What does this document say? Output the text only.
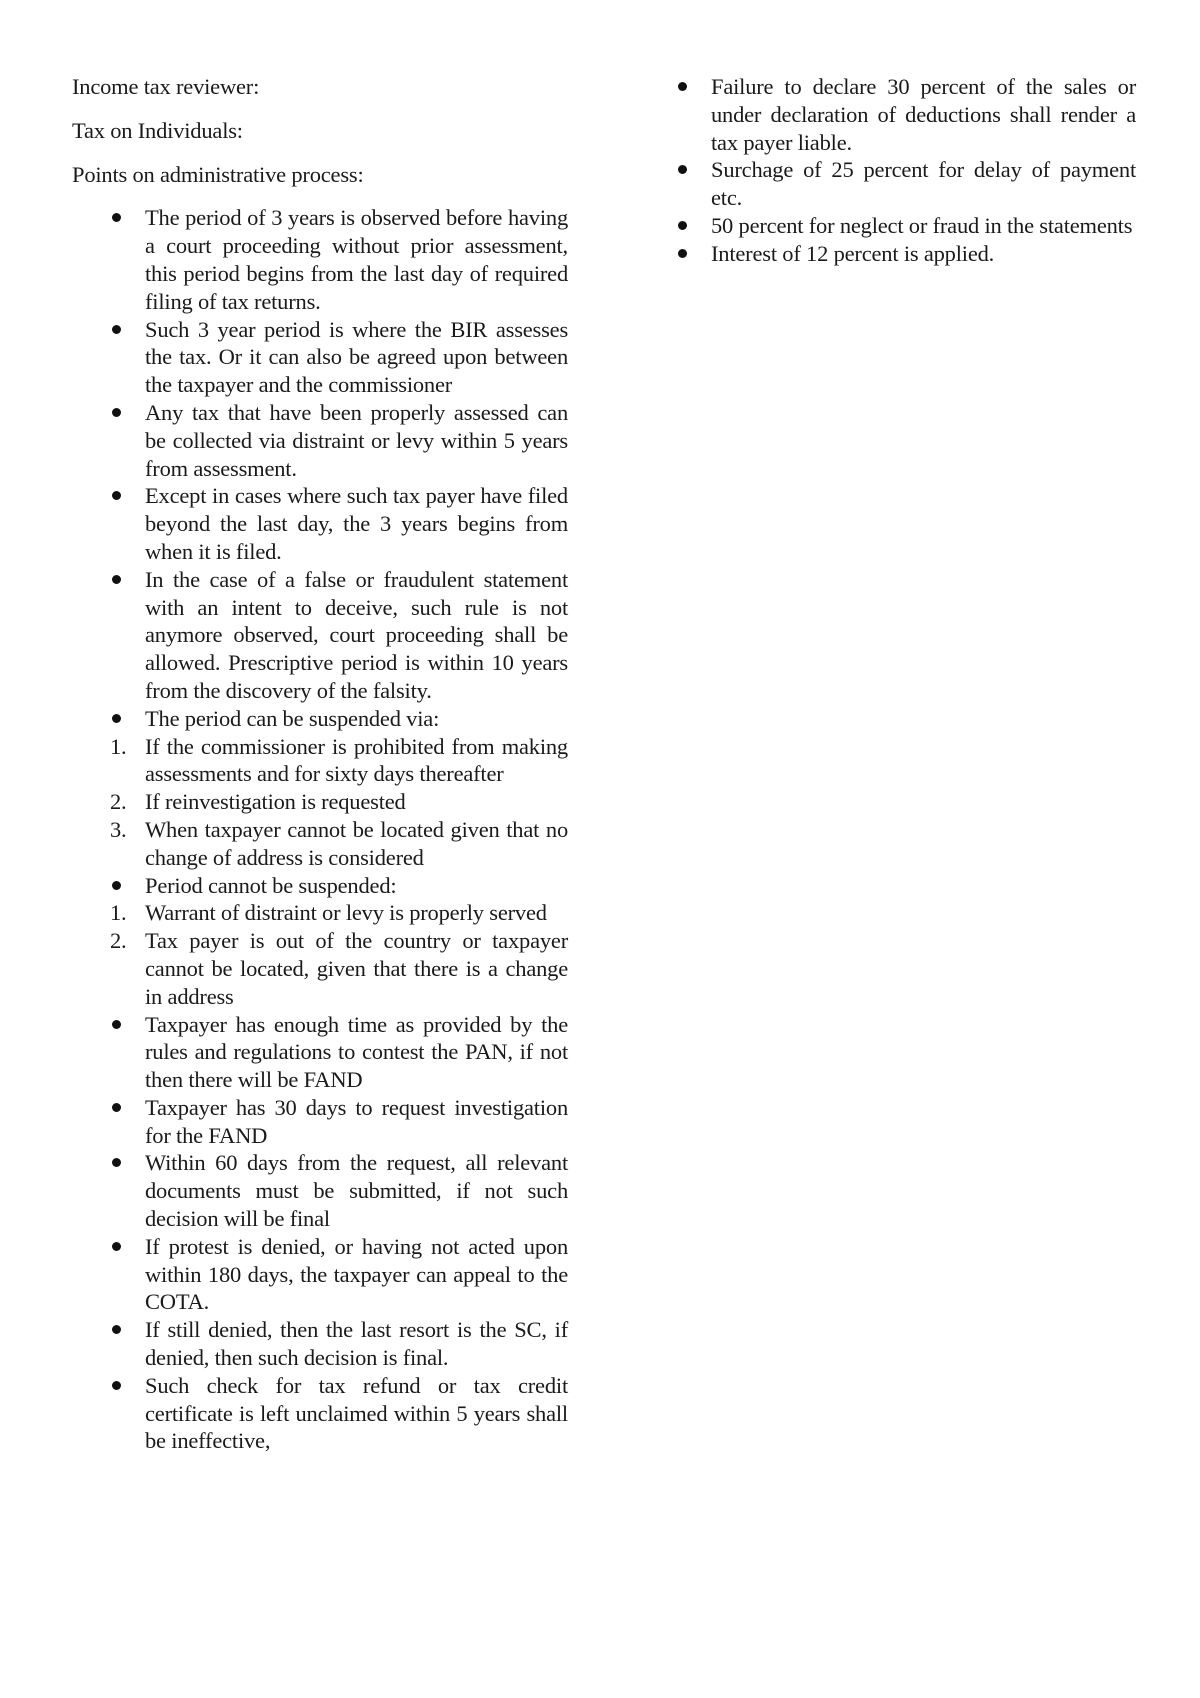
Income tax reviewer:

Tax on Individuals:

Points on administrative process:

The period of 3 years is observed before having a court proceeding without prior assessment, this period begins from the last day of required filing of tax returns.
Such 3 year period is where the BIR assesses the tax. Or it can also be agreed upon between the taxpayer and the commissioner
Any tax that have been properly assessed can be collected via distraint or levy within 5 years from assessment.
Except in cases where such tax payer have filed beyond the last day, the 3 years begins from when it is filed.
In the case of a false or fraudulent statement with an intent to deceive, such rule is not anymore observed, court proceeding shall be allowed. Prescriptive period is within 10 years from the discovery of the falsity.
The period can be suspended via:
1. If the commissioner is prohibited from making assessments and for sixty days thereafter
2. If reinvestigation is requested
3. When taxpayer cannot be located given that no change of address is considered
Period cannot be suspended:
1. Warrant of distraint or levy is properly served
2. Tax payer is out of the country or taxpayer cannot be located, given that there is a change in address
Taxpayer has enough time as provided by the rules and regulations to contest the PAN, if not then there will be FAND
Taxpayer has 30 days to request investigation for the FAND
Within 60 days from the request, all relevant documents must be submitted, if not such decision will be final
If protest is denied, or having not acted upon within 180 days, the taxpayer can appeal to the COTA.
If still denied, then the last resort is the SC, if denied, then such decision is final.
Such check for tax refund or tax credit certificate is left unclaimed within 5 years shall be ineffective,
Failure to declare 30 percent of the sales or under declaration of deductions shall render a tax payer liable.
Surchage of 25 percent for delay of payment etc.
50 percent for neglect or fraud in the statements
Interest of 12 percent is applied.
